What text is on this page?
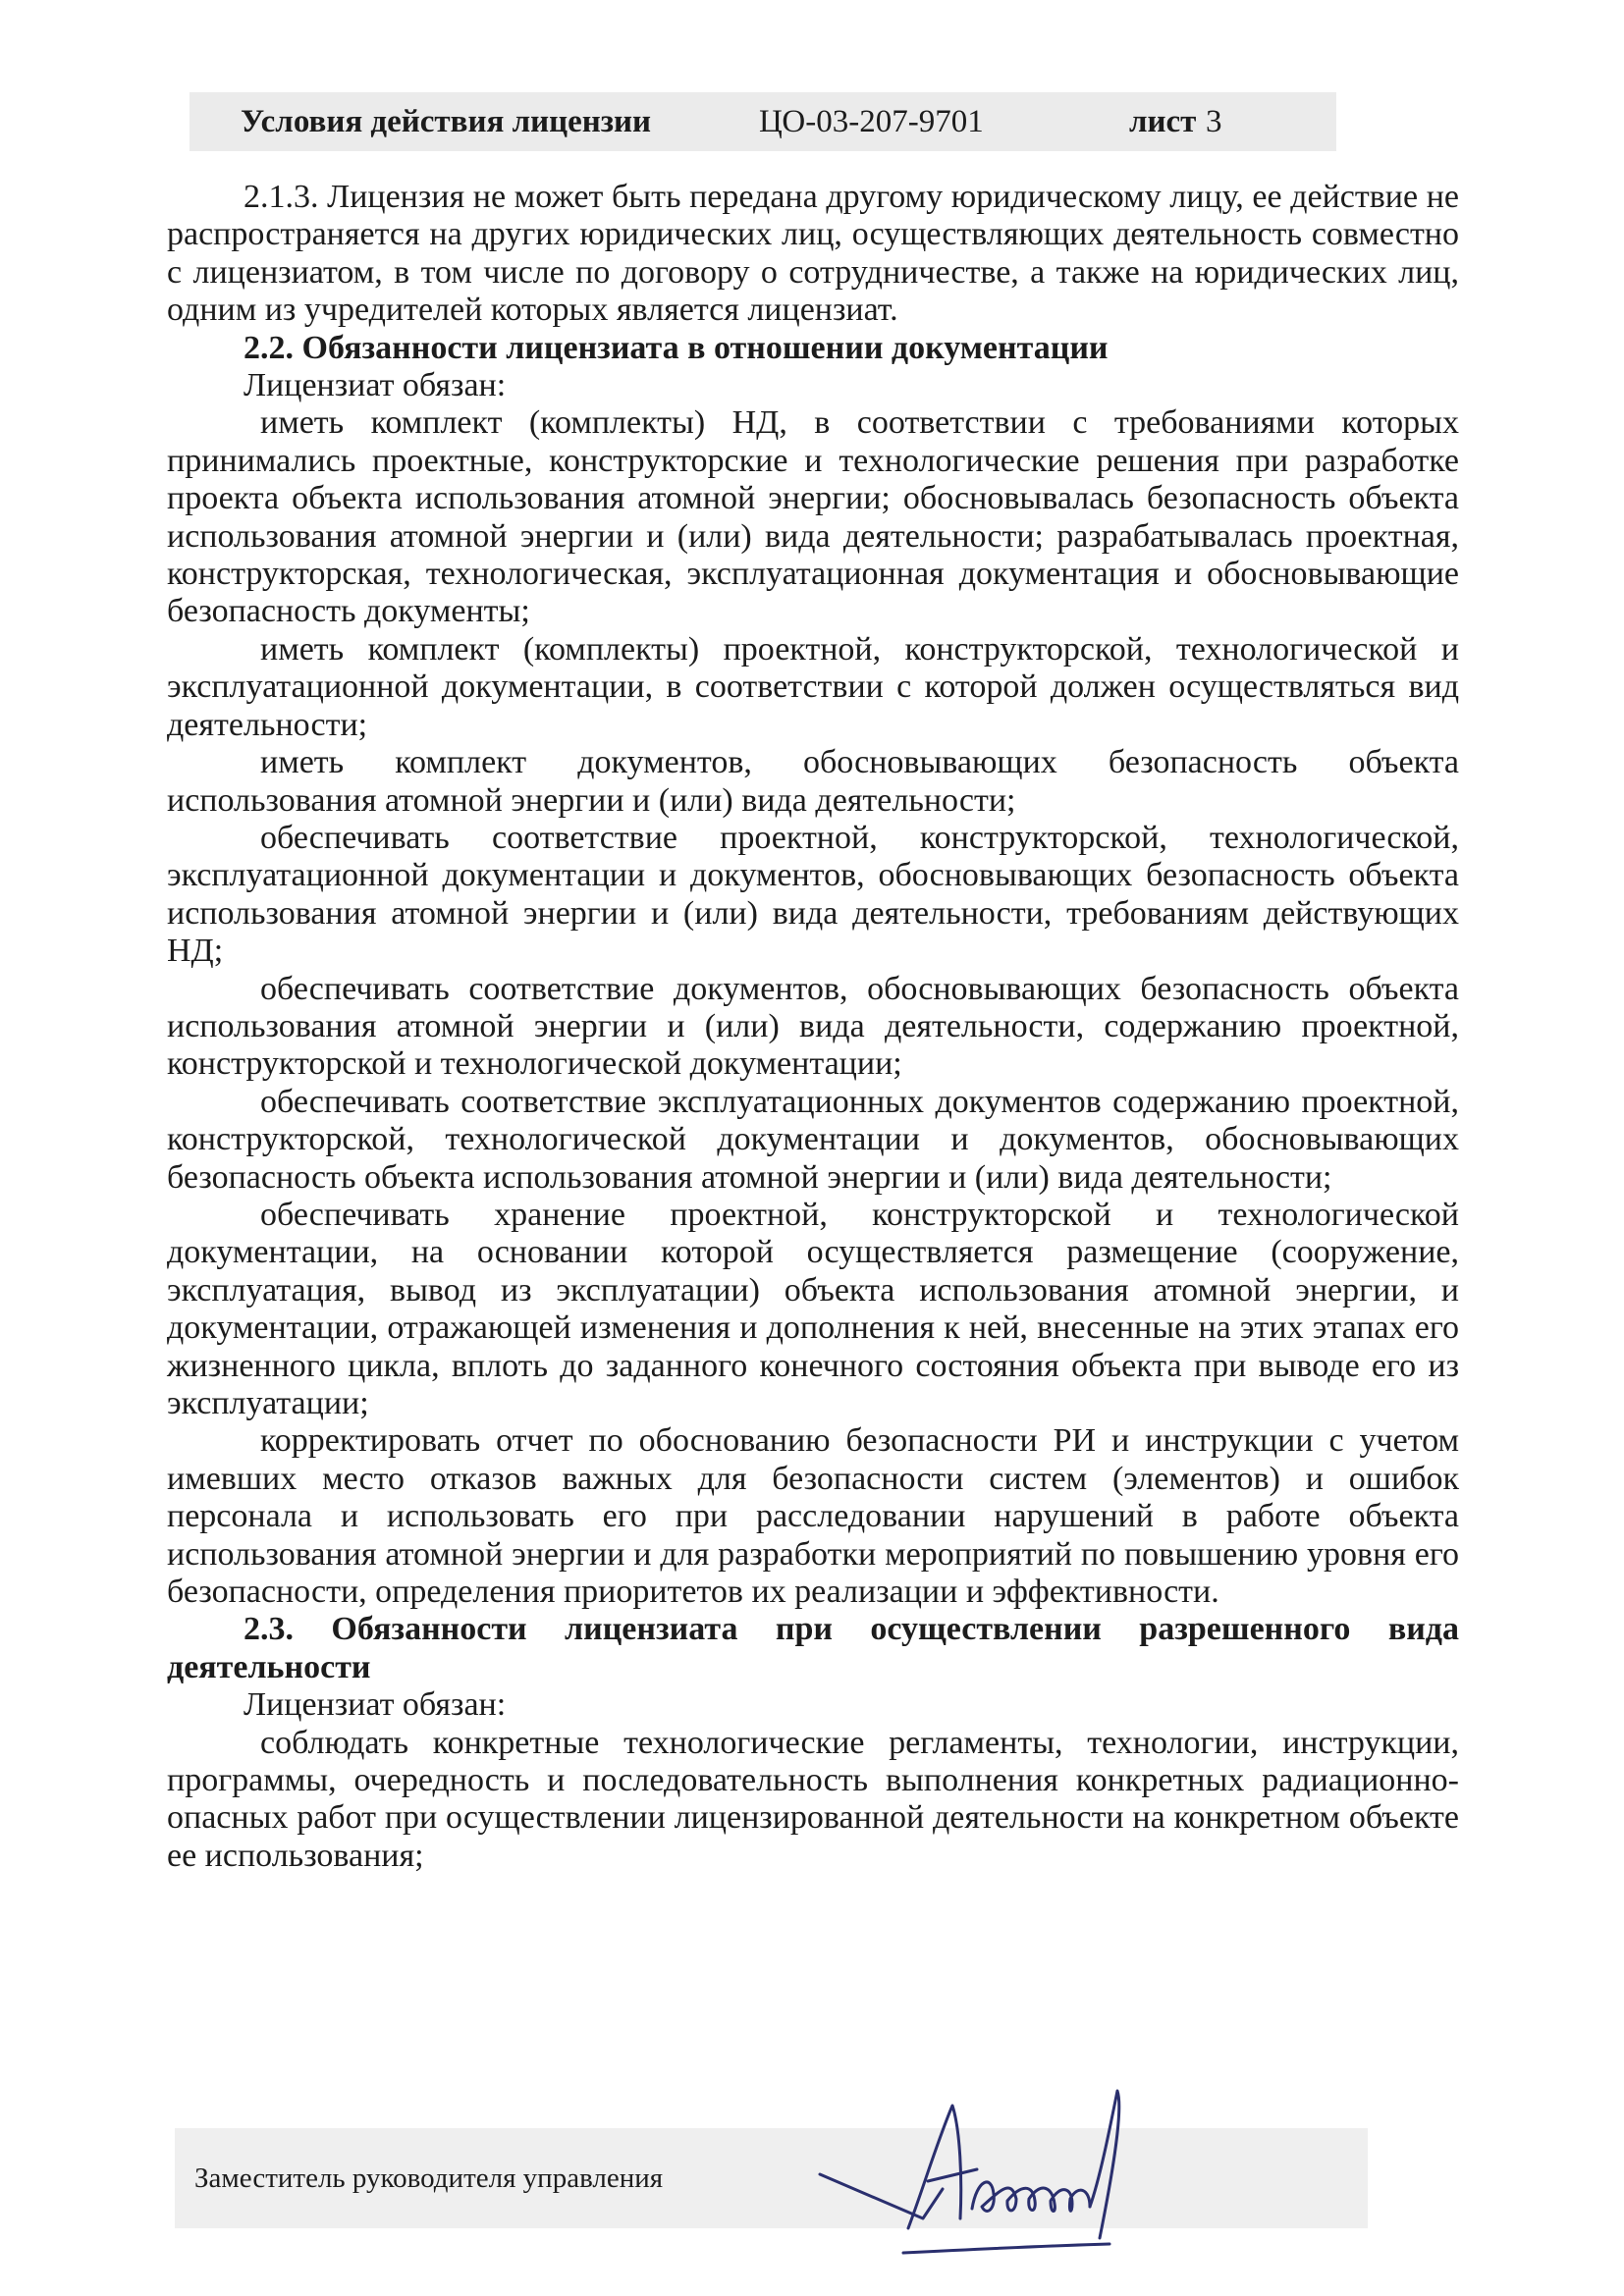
Условия действия лицензии	ЦО-03-207-9701	лист 3

2.1.3. Лицензия не может быть передана другому юридическому лицу, ее действие не распространяется на других юридических лиц, осуществляющих деятельность совместно с лицензиатом, в том числе по договору о сотрудничестве, а также на юридических лиц, одним из учредителей которых является лицензиат.

2.2. Обязанности лицензиата в отношении документации

Лицензиат обязан:

иметь комплект (комплекты) НД, в соответствии с требованиями которых принимались проектные, конструкторские и технологические решения при разработке проекта объекта использования атомной энергии; обосновывалась безопасность объекта использования атомной энергии и (или) вида деятельности; разрабатывалась проектная, конструкторская, технологическая, эксплуатационная документация и обосновывающие безопасность документы;

иметь комплект (комплекты) проектной, конструкторской, технологической и эксплуатационной документации, в соответствии с которой должен осуществляться вид деятельности;

иметь комплект документов, обосновывающих безопасность объекта использования атомной энергии и (или) вида деятельности;

обеспечивать соответствие проектной, конструкторской, технологической, эксплуатационной документации и документов, обосновывающих безопасность объекта использования атомной энергии и (или) вида деятельности, требованиям действующих НД;

обеспечивать соответствие документов, обосновывающих безопасность объекта использования атомной энергии и (или) вида деятельности, содержанию проектной, конструкторской и технологической документации;

обеспечивать соответствие эксплуатационных документов содержанию проектной, конструкторской, технологической документации и документов, обосновывающих безопасность объекта использования атомной энергии и (или) вида деятельности;

обеспечивать хранение проектной, конструкторской и технологической документации, на основании которой осуществляется размещение (сооружение, эксплуатация, вывод из эксплуатации) объекта использования атомной энергии, и документации, отражающей изменения и дополнения к ней, внесенные на этих этапах его жизненного цикла, вплоть до заданного конечного состояния объекта при выводе его из эксплуатации;

корректировать отчет по обоснованию безопасности РИ и инструкции с учетом имевших место отказов важных для безопасности систем (элементов) и ошибок персонала и использовать его при расследовании нарушений в работе объекта использования атомной энергии и для разработки мероприятий по повышению уровня его безопасности, определения приоритетов их реализации и эффективности.

2.3. Обязанности лицензиата при осуществлении разрешенного вида деятельности

Лицензиат обязан:

соблюдать конкретные технологические регламенты, технологии, инструкции, программы, очередность и последовательность выполнения конкретных радиационно-опасных работ при осуществлении лицензированной деятельности на конкретном объекте ее использования;

Заместитель руководителя управления
